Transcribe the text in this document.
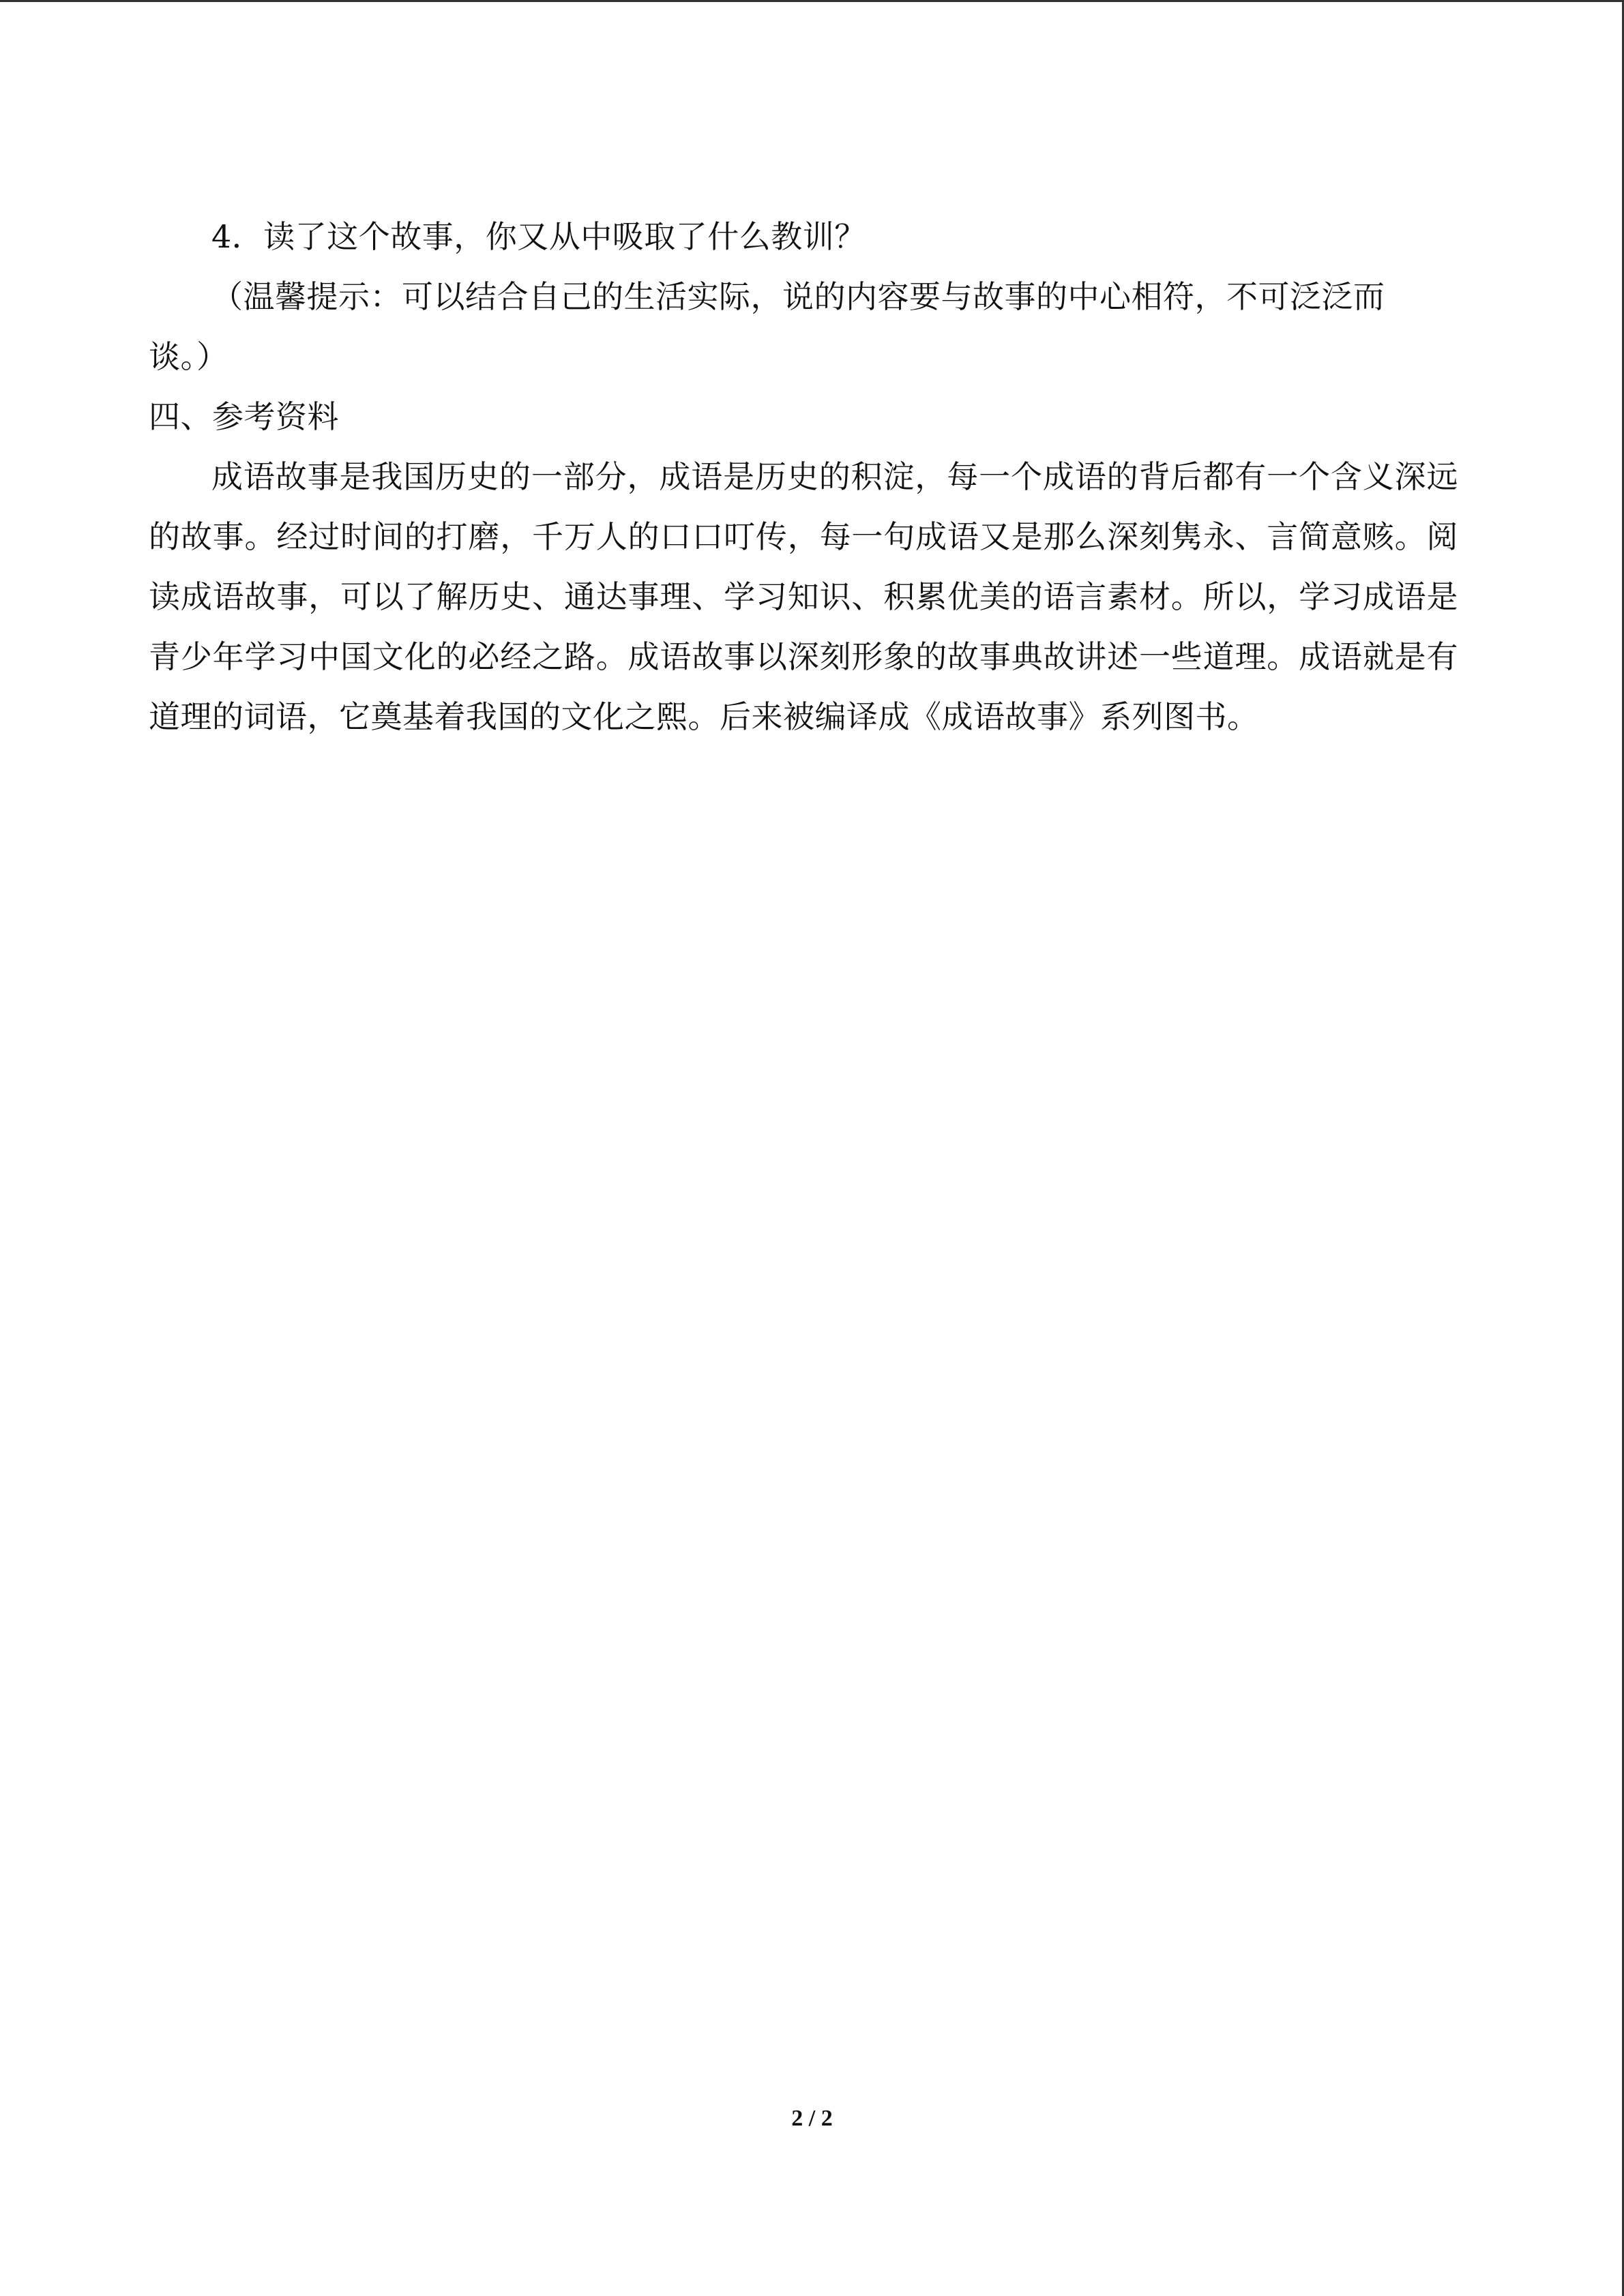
4．读了这个故事，你又从中吸取了什么教训？
（温馨提示：可以结合自己的生活实际，说的内容要与故事的中心相符，不可泛泛而
谈。）
四、参考资料

成语故事是我国历史的一部分，成语是历史的积淀，每一个成语的背后都有一个含义深远的故事。经过时间的打磨，千万人的口口叮传，每一句成语又是那么深刻隽永、言简意赅。阅读成语故事，可以了解历史、通达事理、学习知识、积累优美的语言素材。所以，学习成语是青少年学习中国文化的必经之路。成语故事以深刻形象的故事典故讲述一些道理。成语就是有道理的词语，它奠基着我国的文化之熙。后来被编译成《成语故事》系列图书。

2 / 2
